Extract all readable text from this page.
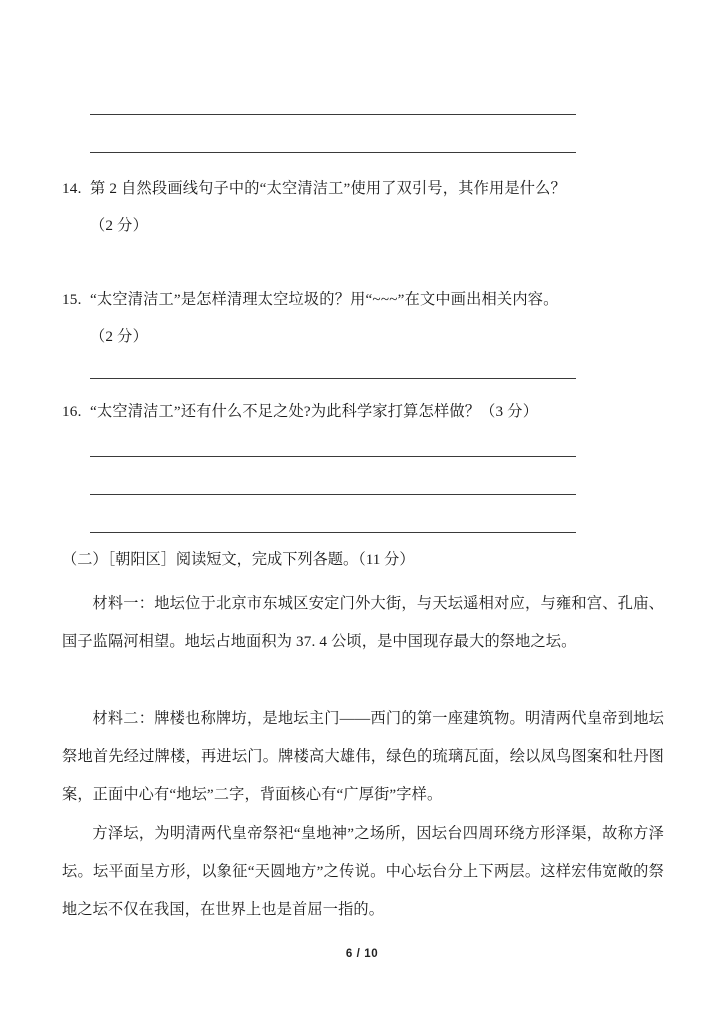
14. 第 2 自然段画线句子中的“太空清洁工”使用了双引号，其作用是什么？
（2 分）
15. “太空清洁工”是怎样清理太空垃圾的？用“~~~”在文中画出相关内容。
（2 分）
16. “太空清洁工”还有什么不足之处?为此科学家打算怎样做？（3 分）
（二）［朝阳区］阅读短文，完成下列各题。（11 分）
材料一：地坛位于北京市东城区安定门外大街，与天坛遥相对应，与雍和宫、孔庙、国子监隔河相望。地坛占地面积为 37. 4 公顷，是中国现存最大的祭地之坛。
材料二：牌楼也称牌坊，是地坛主门——西门的第一座建筑物。明清两代皇帝到地坛祭地首先经过牌楼，再进坛门。牌楼高大雄伟，绿色的琉璃瓦面，绘以凤鸟图案和牡丹图案，正面中心有“地坛”二字，背面核心有“广厚街”字样。
方泽坛，为明清两代皇帝祭祀“皇地神”之场所，因坛台四周环绕方形泽渠，故称方泽坛。坛平面呈方形，以象征“天圆地方”之传说。中心坛台分上下两层。这样宏伟宽敞的祭地之坛不仅在我国，在世界上也是首屈一指的。
6 / 10
